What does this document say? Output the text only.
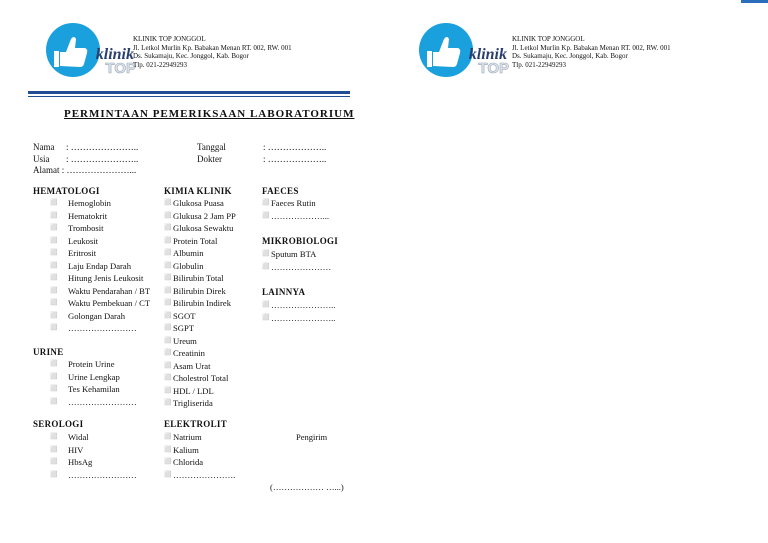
TOP
klinik
KLINIK TOP JONGGOL
Jl. Letkol Murlin Kp. Babakan Menan RT. 002, RW. 001
Ds. Sukamaju, Kec. Jonggol, Kab. Bogor
Tlp. 021-22949293	TOP
klinik
KLINIK TOP JONGGOL
Jl. Letkol Murlin Kp. Babakan Menan RT. 002, RW. 001
Ds. Sukamaju, Kec. Jonggol, Kab. Bogor
Tlp. 021-22949293
PERMINTAAN PEMERIKSAAN LABORATORIUM
Nama : …………………..
Usia : …………………..
Alamat : …………………...
Tanggal	: ………………..
Dokter	: ………………..
HEMATOLOGI
⬜	Hemoglobin
⬜	Hematokrit
⬜	Trombosit
⬜	Leukosit
⬜	Eritrosit
⬜	Laju Endap Darah
⬜	Hitung Jenis Leukosit
⬜	Waktu Pendarahan / BT
⬜	Waktu Pembekuan / CT
⬜	Golongan Darah
⬜	……………………
URINE
⬜	Protein Urine
⬜	Urine Lengkap
⬜	Tes Kehamilan
⬜	……………………
SEROLOGI
⬜	Widal
⬜	HIV
⬜	HbsAg
⬜	……………………
KIMIA KLINIK
⬜ Glukosa Puasa
⬜ Glukusa 2 Jam PP
⬜ Glukosa Sewaktu
⬜ Protein Total
⬜ Albumin
⬜ Globulin
⬜ Bilirubin Total
⬜ Bilirubin Direk
⬜ Bilirubin Indirek
⬜ SGOT
⬜ SGPT
⬜ Ureum
⬜ Creatinin
⬜ Asam Urat
⬜ Cholestrol Total
⬜ HDL / LDL
⬜ Trigliserida
ELEKTROLIT
⬜ Natrium
⬜ Kalium
⬜ Chlorida
⬜ ………………….
FAECES
⬜ Faeces Rutin
⬜ ………………...
MIKROBIOLOGI
⬜ Sputum BTA
⬜ …………………
LAINNYA
⬜ …………………..
⬜ …………………..
Pengirim
(……………… …...)
